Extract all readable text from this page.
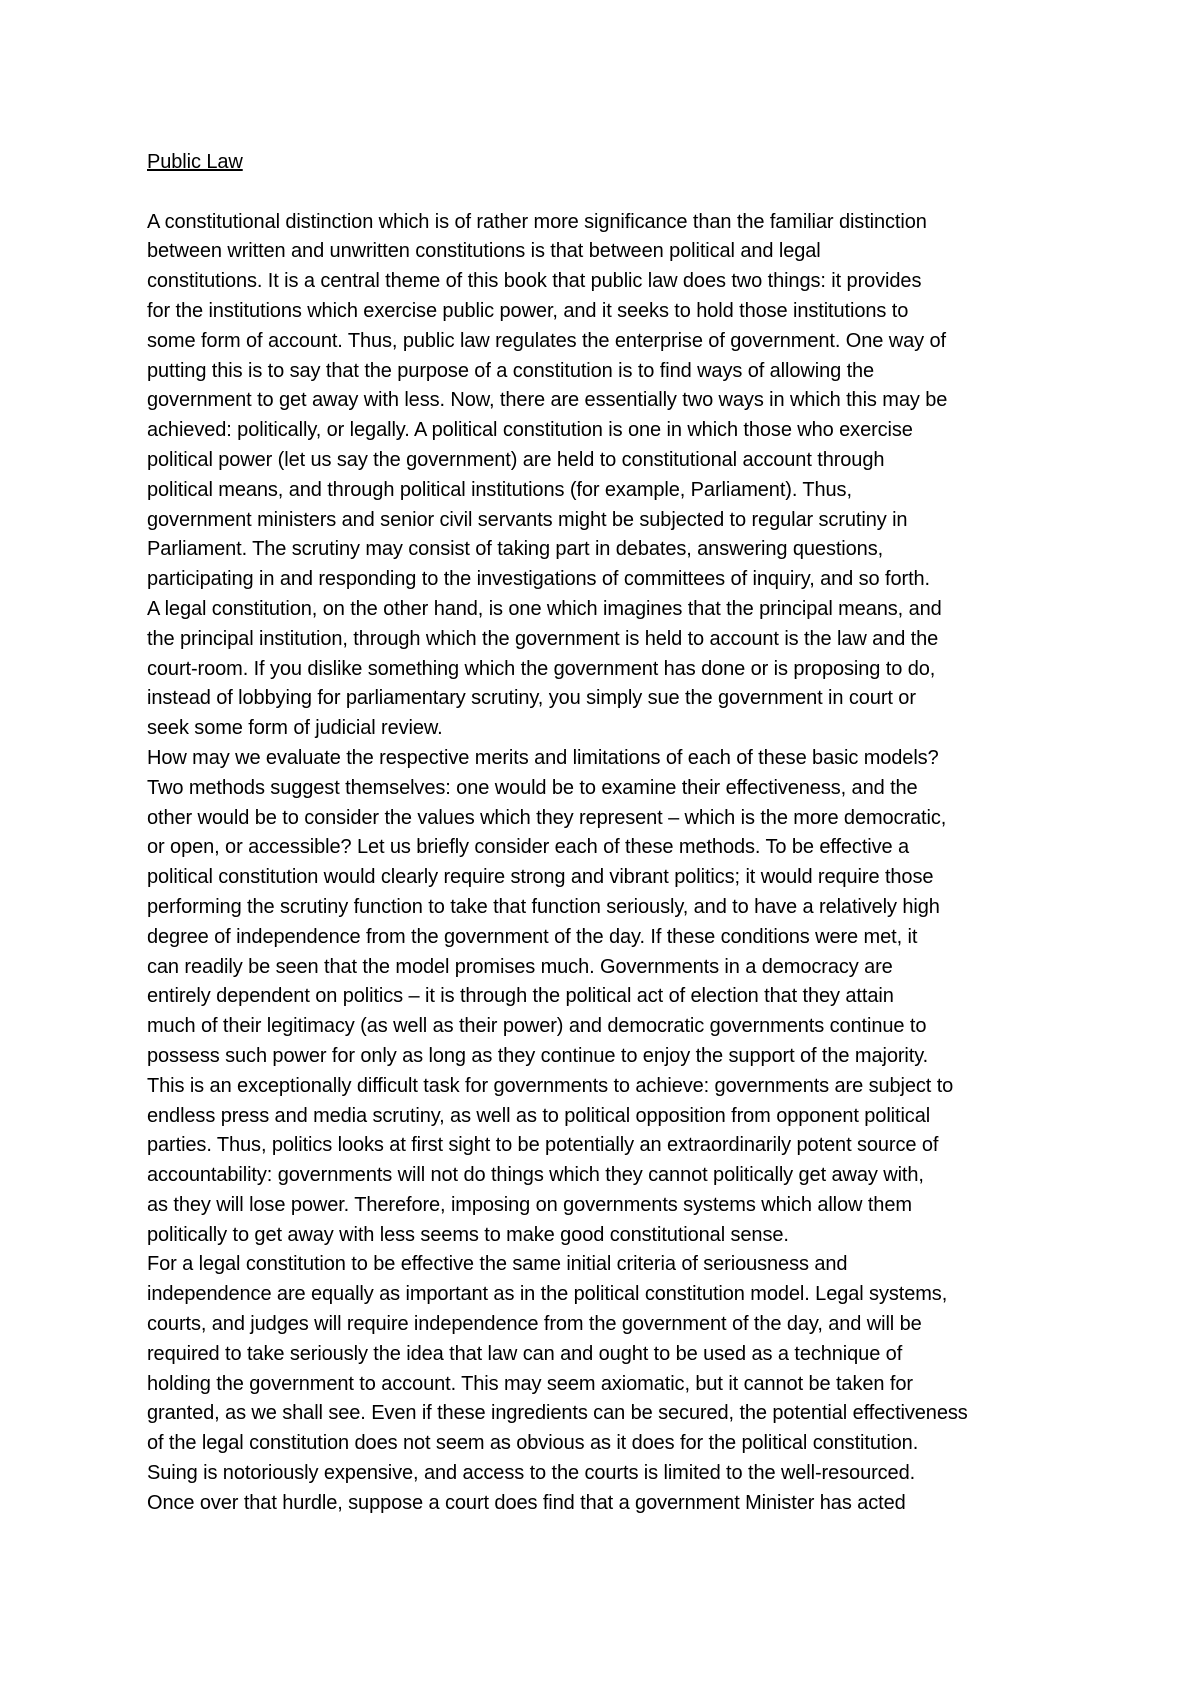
Public Law
A constitutional distinction which is of rather more significance than the familiar distinction
between written and unwritten constitutions is that between political and legal
constitutions. It is a central theme of this book that public law does two things: it provides
for the institutions which exercise public power, and it seeks to hold those institutions to
some form of account. Thus, public law regulates the enterprise of government. One way of
putting this is to say that the purpose of a constitution is to find ways of allowing the
government to get away with less. Now, there are essentially two ways in which this may be
achieved: politically, or legally. A political constitution is one in which those who exercise
political power (let us say the government) are held to constitutional account through
political means, and through political institutions (for example, Parliament). Thus,
government ministers and senior civil servants might be subjected to regular scrutiny in
Parliament. The scrutiny may consist of taking part in debates, answering questions,
participating in and responding to the investigations of committees of inquiry, and so forth.
A legal constitution, on the other hand, is one which imagines that the principal means, and
the principal institution, through which the government is held to account is the law and the
court-room. If you dislike something which the government has done or is proposing to do,
instead of lobbying for parliamentary scrutiny, you simply sue the government in court or
seek some form of judicial review.
How may we evaluate the respective merits and limitations of each of these basic models?
Two methods suggest themselves: one would be to examine their effectiveness, and the
other would be to consider the values which they represent – which is the more democratic,
or open, or accessible? Let us briefly consider each of these methods. To be effective a
political constitution would clearly require strong and vibrant politics; it would require those
performing the scrutiny function to take that function seriously, and to have a relatively high
degree of independence from the government of the day. If these conditions were met, it
can readily be seen that the model promises much. Governments in a democracy are
entirely dependent on politics – it is through the political act of election that they attain
much of their legitimacy (as well as their power) and democratic governments continue to
possess such power for only as long as they continue to enjoy the support of the majority.
This is an exceptionally difficult task for governments to achieve: governments are subject to
endless press and media scrutiny, as well as to political opposition from opponent political
parties. Thus, politics looks at first sight to be potentially an extraordinarily potent source of
accountability: governments will not do things which they cannot politically get away with,
as they will lose power. Therefore, imposing on governments systems which allow them
politically to get away with less seems to make good constitutional sense.
For a legal constitution to be effective the same initial criteria of seriousness and
independence are equally as important as in the political constitution model. Legal systems,
courts, and judges will require independence from the government of the day, and will be
required to take seriously the idea that law can and ought to be used as a technique of
holding the government to account. This may seem axiomatic, but it cannot be taken for
granted, as we shall see. Even if these ingredients can be secured, the potential effectiveness
of the legal constitution does not seem as obvious as it does for the political constitution.
Suing is notoriously expensive, and access to the courts is limited to the well-resourced.
Once over that hurdle, suppose a court does find that a government Minister has acted
